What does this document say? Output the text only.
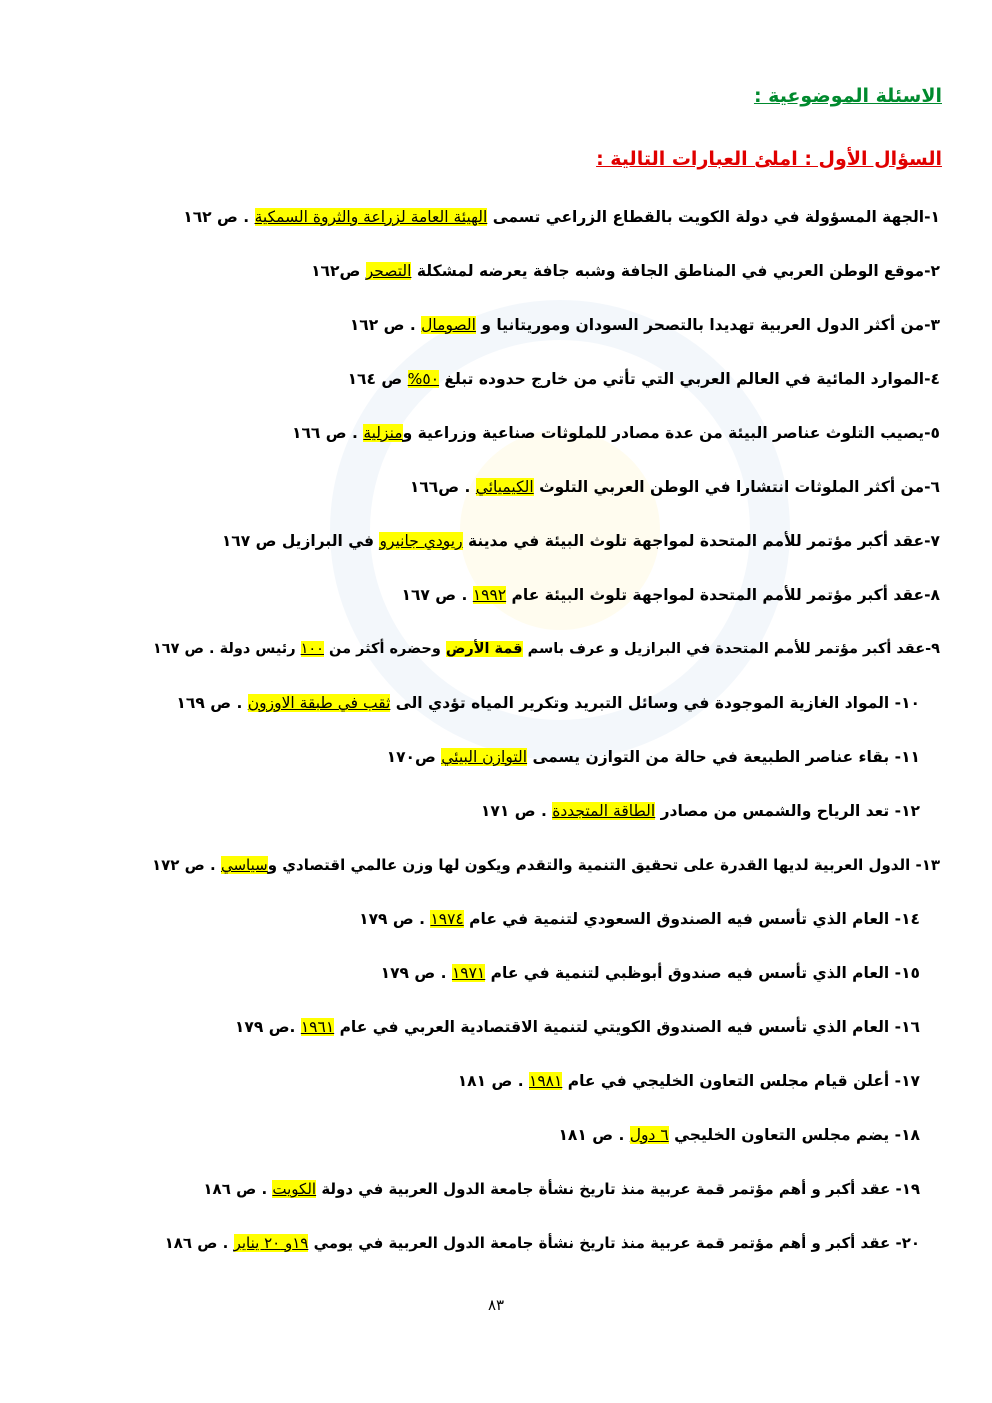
الاسئلة الموضوعية :
السؤال الأول : املئ العبارات التالية :
١-الجهة المسؤولة في دولة الكويت بالقطاع الزراعي تسمى الهيئة العامة لزراعة والثروة السمكية . ص ١٦٢
٢-موقع الوطن العربي في المناطق الجافة وشبه جافة يعرضه لمشكلة التصحر ص١٦٢
٣-من أكثر الدول العربية تهديدا بالتصحر السودان وموريتانيا و الصومال . ص ١٦٢
٤-الموارد المائية في العالم العربي التي تأتي من خارج حدوده تبلغ ٥٠% ص ١٦٤
٥-يصيب التلوث عناصر البيئة من عدة مصادر للملوثات صناعية وزراعية ومنزلية . ص ١٦٦
٦-من أكثر الملوثات انتشارا في الوطن العربي التلوث الكيميائي . ص١٦٦
٧-عقد أكبر مؤتمر للأمم المتحدة لمواجهة تلوث البيئة في مدينة ريودي جانيرو في البرازيل ص ١٦٧
٨-عقد أكبر مؤتمر للأمم المتحدة لمواجهة تلوث البيئة عام ١٩٩٢ . ص ١٦٧
٩-عقد أكبر مؤتمر للأمم المتحدة في البرازيل و عرف باسم قمة الأرض وحضره أكثر من ١٠٠ رئيس دولة . ص ١٦٧
١٠- المواد الغازية الموجودة في وسائل التبريد وتكرير المياه تؤدي الى ثقب في طبقة الاوزون . ص ١٦٩
١١- بقاء عناصر الطبيعة في حالة من التوازن يسمى التوازن البيئي ص١٧٠
١٢- تعد الرياح والشمس من مصادر الطاقة المتجددة . ص ١٧١
١٣- الدول العربية لديها القدرة على تحقيق التنمية والتقدم ويكون لها وزن عالمي اقتصادي وسياسي . ص ١٧٢
١٤- العام الذي تأسس فيه الصندوق السعودي لتنمية في عام ١٩٧٤ . ص ١٧٩
١٥- العام الذي تأسس فيه صندوق أبوظبي لتنمية في عام ١٩٧١ . ص ١٧٩
١٦- العام الذي تأسس فيه الصندوق الكويتي لتنمية الاقتصادية العربي في عام ١٩٦١ .ص ١٧٩
١٧- أعلن قيام مجلس التعاون الخليجي في عام ١٩٨١ . ص ١٨١
١٨- يضم مجلس التعاون الخليجي ٦ دول . ص ١٨١
١٩- عقد أكبر و أهم مؤتمر قمة عربية منذ تاريخ نشأة جامعة الدول العربية في دولة الكويت . ص ١٨٦
٢٠- عقد أكبر و أهم مؤتمر قمة عربية منذ تاريخ نشأة جامعة الدول العربية في يومي ١٩و ٢٠ يناير . ص ١٨٦
٨٣
